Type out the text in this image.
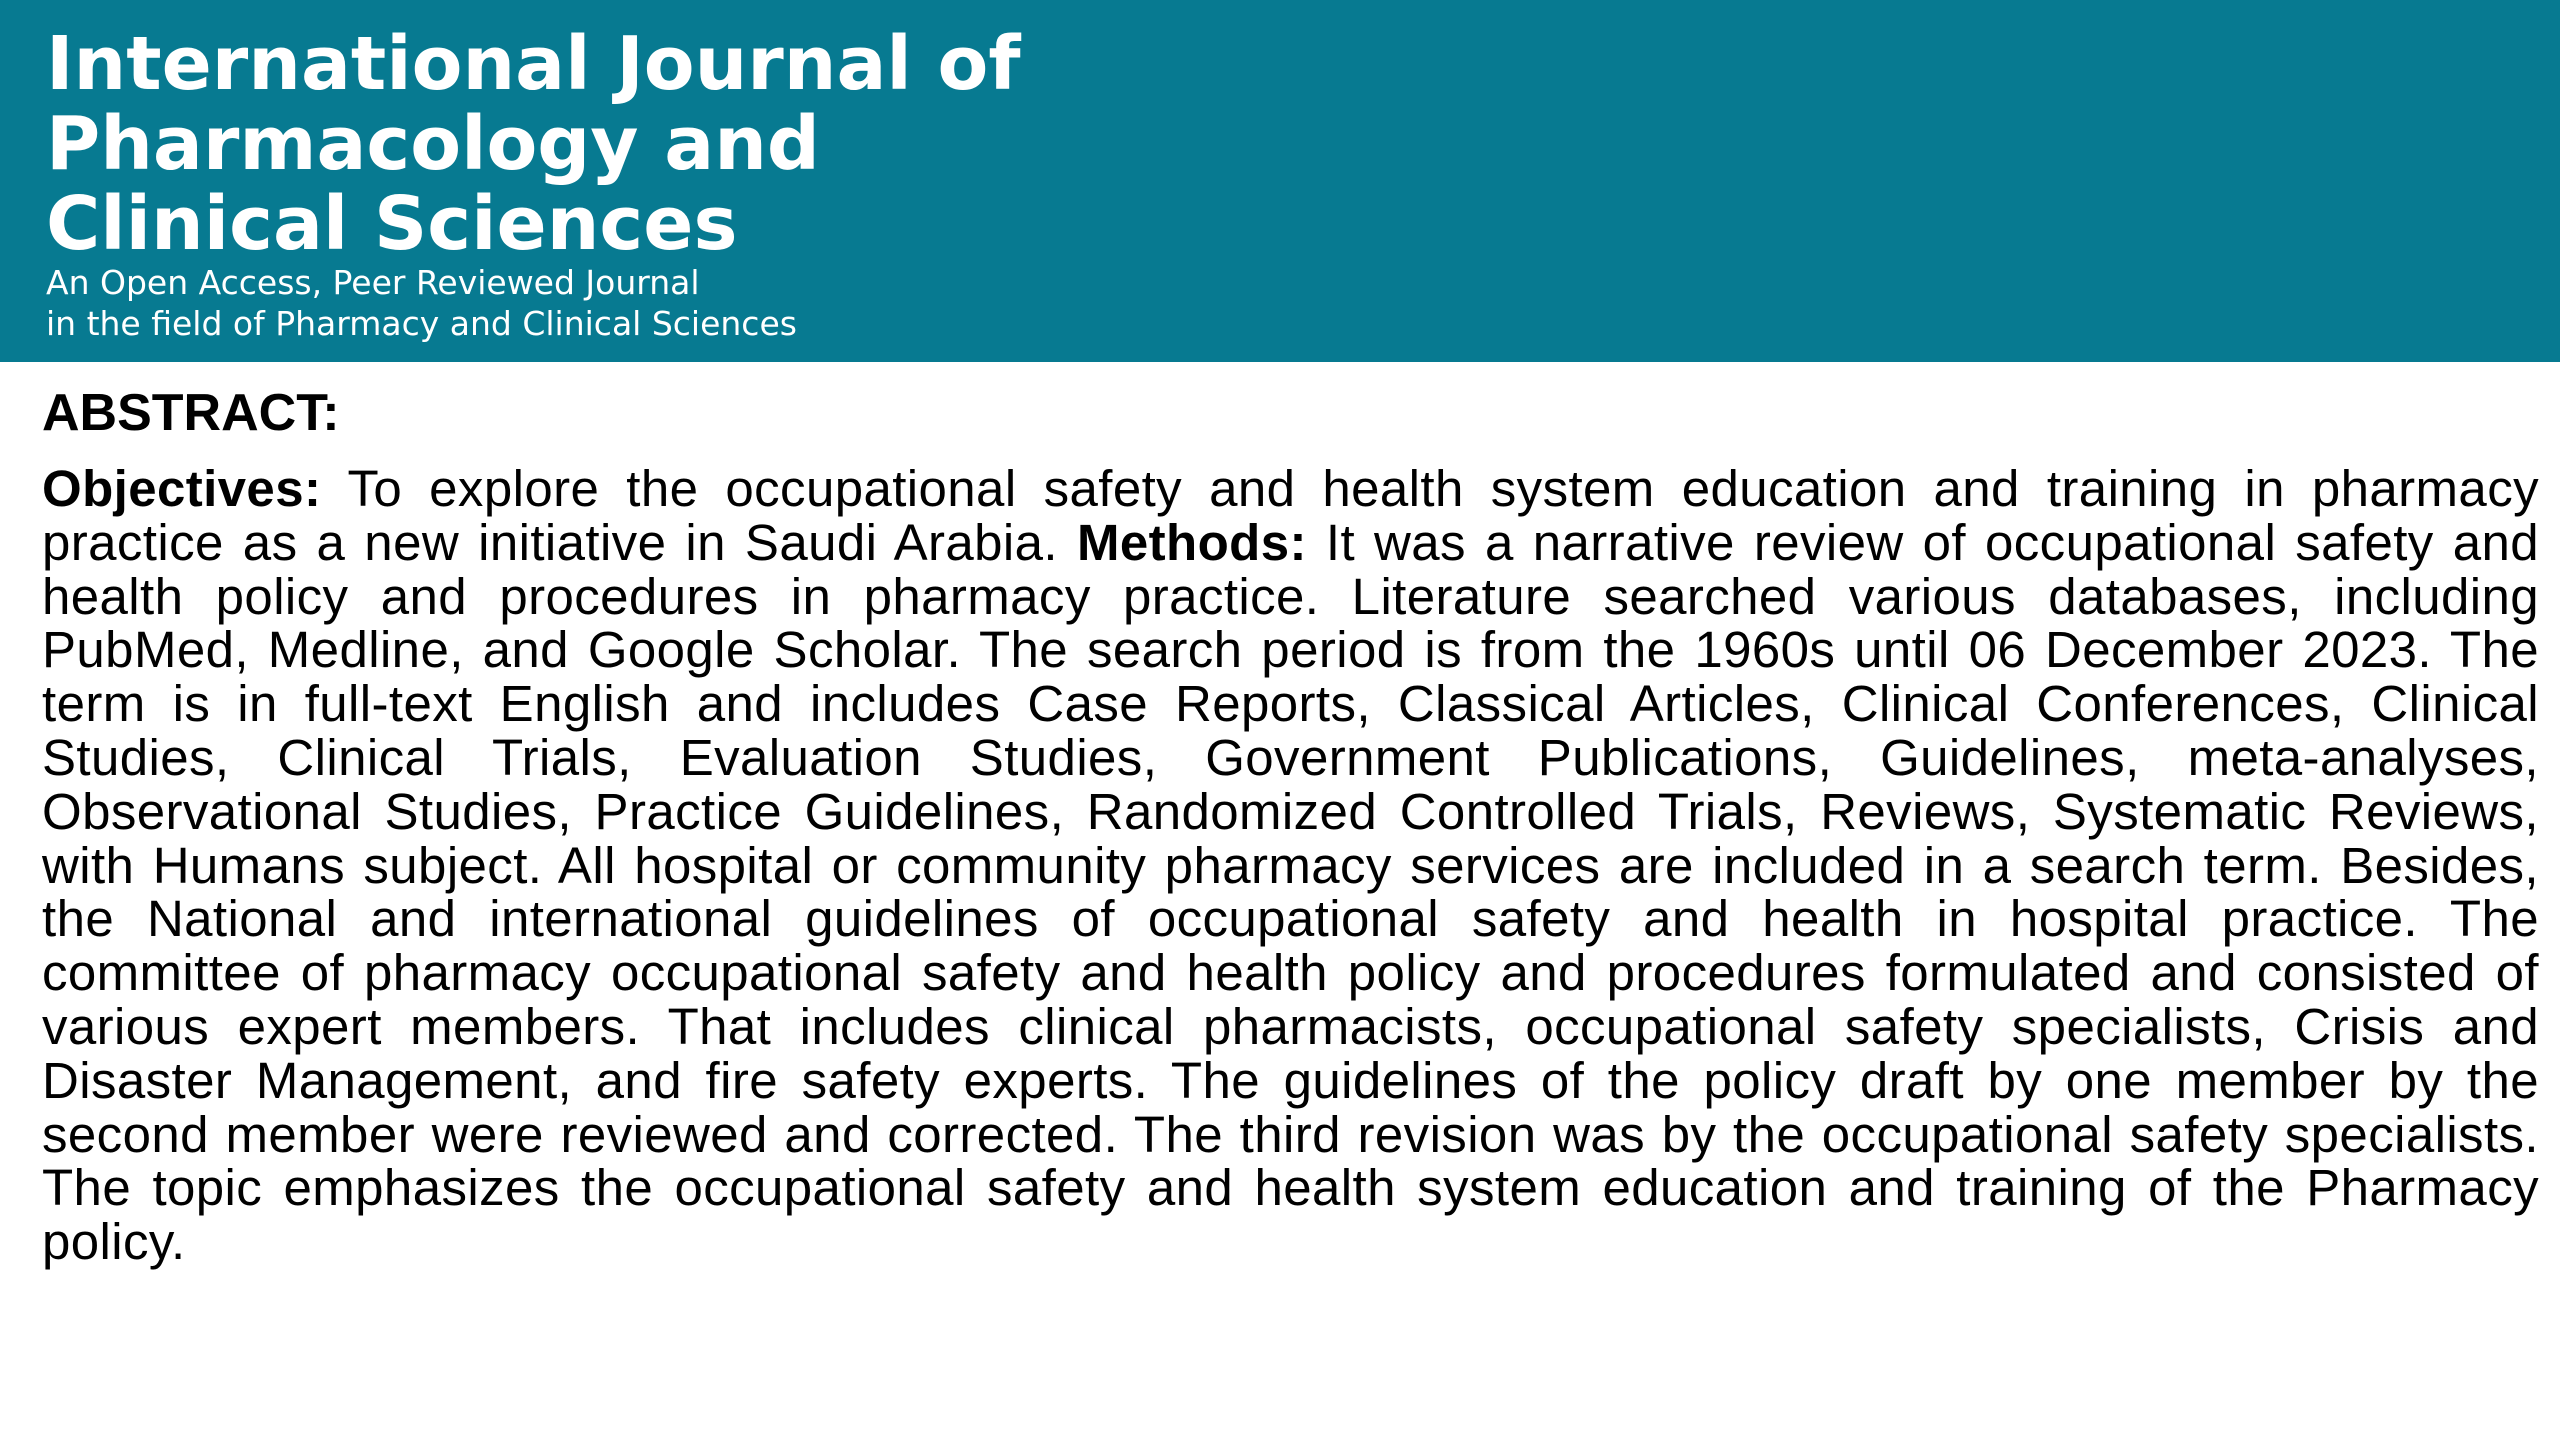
International Journal of
Pharmacology and
Clinical Sciences

An Open Access, Peer Reviewed Journal
in the field of Pharmacy and Clinical Sciences

ABSTRACT:

Objectives: To explore the occupational safety and health system education and training in pharmacy practice as a new initiative in Saudi Arabia. Methods: It was a narrative review of occupational safety and health policy and procedures in pharmacy practice. Literature searched various databases, including PubMed, Medline, and Google Scholar. The search period is from the 1960s until 06 December 2023. The term is in full-text English and includes Case Reports, Classical Articles, Clinical Conferences, Clinical Studies, Clinical Trials, Evaluation Studies, Government Publications, Guidelines, meta-analyses, Observational Studies, Practice Guidelines, Randomized Controlled Trials, Reviews, Systematic Reviews, with Humans subject. All hospital or community pharmacy services are included in a search term. Besides, the National and international guidelines of occupational safety and health in hospital practice. The committee of pharmacy occupational safety and health policy and procedures formulated and consisted of various expert members. That includes clinical pharmacists, occupational safety specialists, Crisis and Disaster Management, and fire safety experts. The guidelines of the policy draft by one member by the second member were reviewed and corrected. The third revision was by the occupational safety specialists. The topic emphasizes the occupational safety and health system education and training of the Pharmacy policy.
